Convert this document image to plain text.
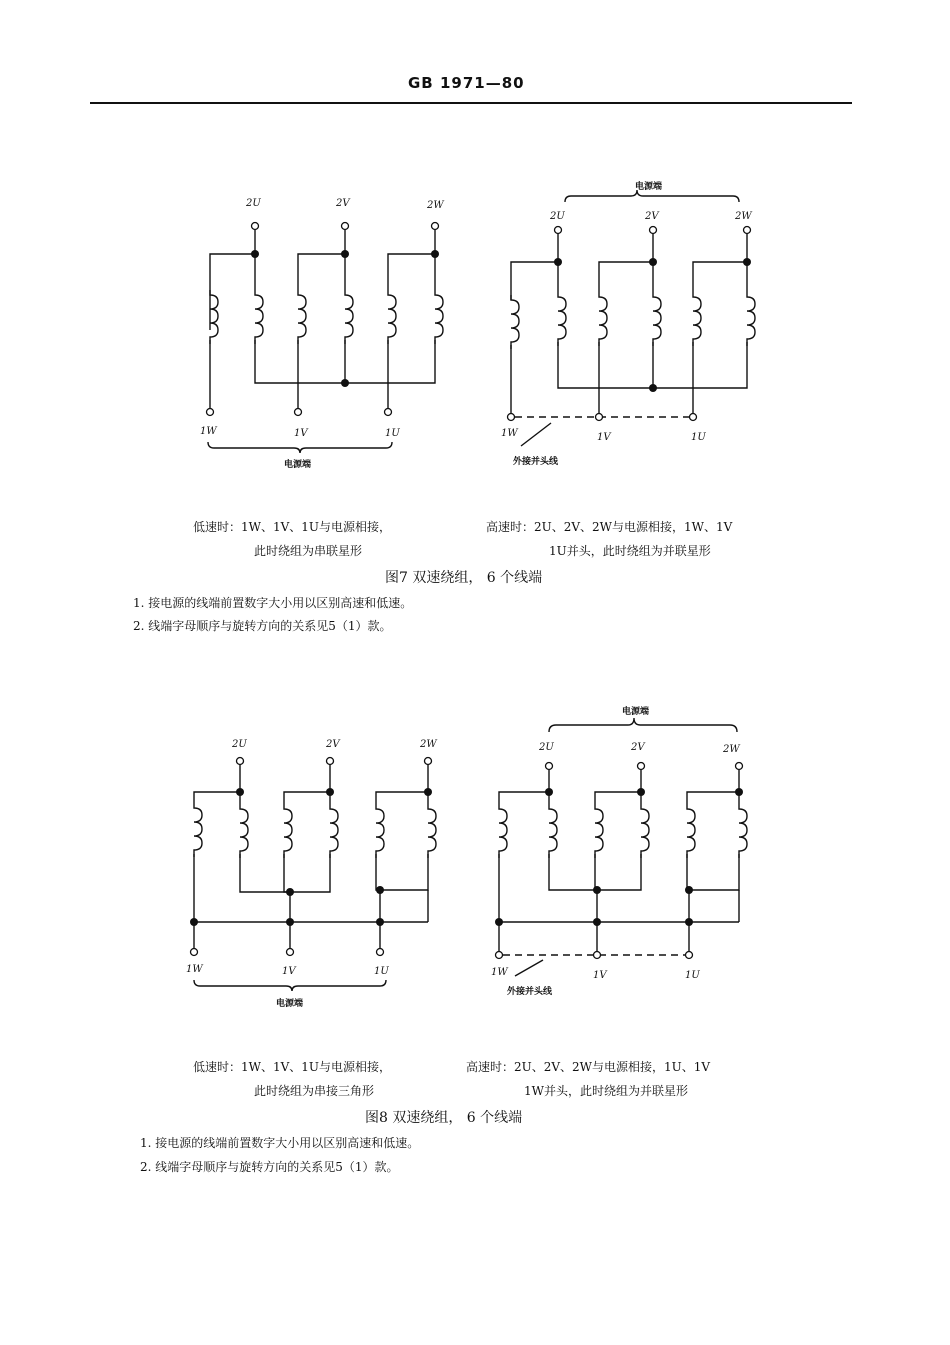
GB 1971—80
2U	2V	2W
1W	1V	1U
电源端
电源端
2U	2V	2W
1W	1V	1U
外接并头线
低速时：1W、1V、1U与电源相接，
此时绕组为串联星形
高速时：2U、2V、2W与电源相接，1W、1V
1U并头，此时绕组为并联星形
图7 双速绕组， 6 个线端
1. 接电源的线端前置数字大小用以区别高速和低速。
2. 线端字母顺序与旋转方向的关系见5（1）款。
2U	2V	2W
1W	1V	1U
电源端
电源端
2U	2V	2W
1W	1V	1U
外接并头线
低速时：1W、1V、1U与电源相接，
此时绕组为串接三角形
高速时：2U、2V、2W与电源相接，1U、1V
1W并头，此时绕组为并联星形
图8 双速绕组， 6 个线端
1. 接电源的线端前置数字大小用以区别高速和低速。
2. 线端字母顺序与旋转方向的关系见5（1）款。
